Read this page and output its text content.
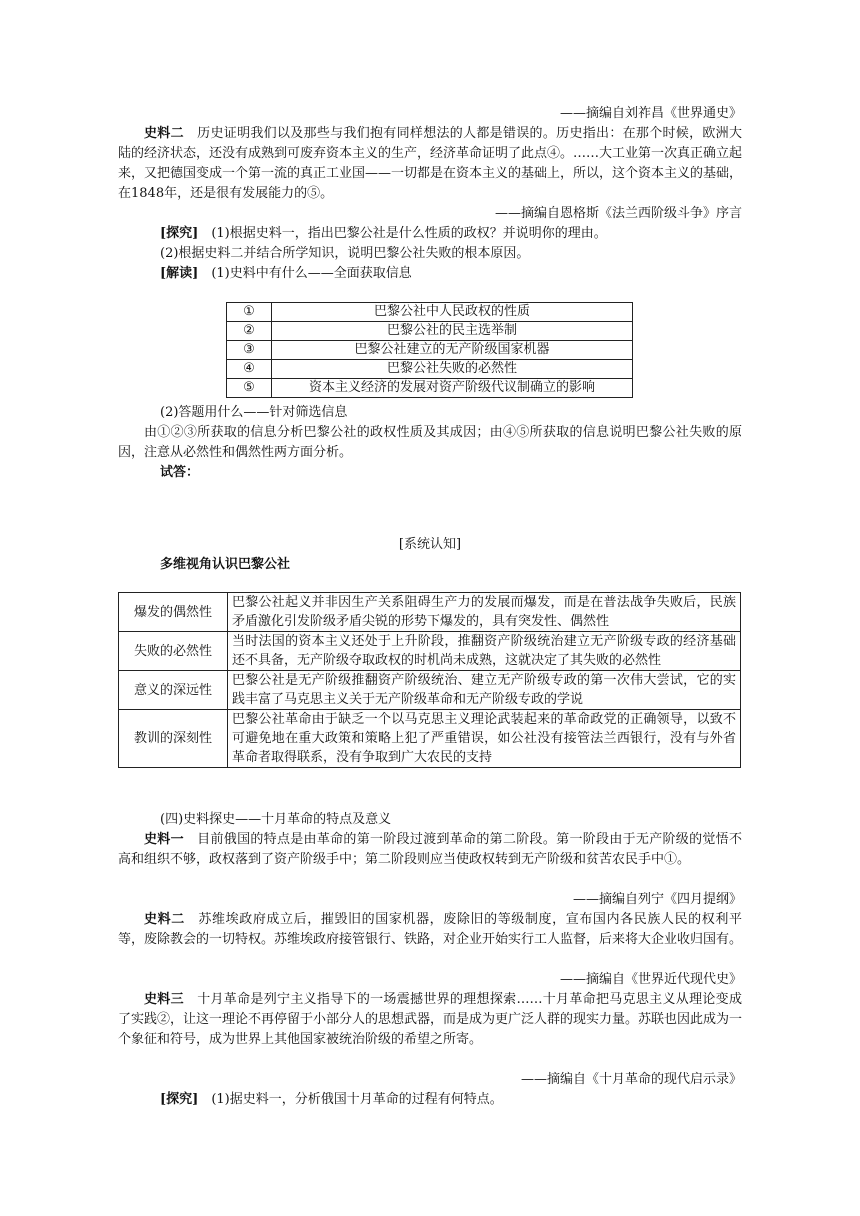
——摘编自刘祚昌《世界通史》

史料二　历史证明我们以及那些与我们抱有同样想法的人都是错误的。历史指出：在那个时候，欧洲大陆的经济状态，还没有成熟到可废弃资本主义的生产，经济革命证明了此点④。……大工业第一次真正确立起来，又把德国变成一个第一流的真正工业国——一切都是在资本主义的基础上，所以，这个资本主义的基础，在1848年，还是很有发展能力的⑤。

——摘编自恩格斯《法兰西阶级斗争》序言

[探究]　(1)根据史料一，指出巴黎公社是什么性质的政权？并说明你的理由。

(2)根据史料二并结合所学知识，说明巴黎公社失败的根本原因。

[解读]　(1)史料中有什么——全面获取信息

①	巴黎公社中人民政权的性质
②	巴黎公社的民主选举制
③	巴黎公社建立的无产阶级国家机器
④	巴黎公社失败的必然性
⑤	资本主义经济的发展对资产阶级代议制确立的影响

(2)答题用什么——针对筛选信息

由①②③所获取的信息分析巴黎公社的政权性质及其成因；由④⑤所获取的信息说明巴黎公社失败的原因，注意从必然性和偶然性两方面分析。

试答：

[系统认知]

多维视角认识巴黎公社

爆发的偶然性	巴黎公社起义并非因生产关系阻碍生产力的发展而爆发，而是在普法战争失败后，民族矛盾激化引发阶级矛盾尖锐的形势下爆发的，具有突发性、偶然性
失败的必然性	当时法国的资本主义还处于上升阶段，推翻资产阶级统治建立无产阶级专政的经济基础还不具备，无产阶级夺取政权的时机尚未成熟，这就决定了其失败的必然性
意义的深远性	巴黎公社是无产阶级推翻资产阶级统治、建立无产阶级专政的第一次伟大尝试，它的实践丰富了马克思主义关于无产阶级革命和无产阶级专政的学说
教训的深刻性	巴黎公社革命由于缺乏一个以马克思主义理论武装起来的革命政党的正确领导，以致不可避免地在重大政策和策略上犯了严重错误，如公社没有接管法兰西银行，没有与外省革命者取得联系，没有争取到广大农民的支持

(四)史料探史——十月革命的特点及意义

史料一　目前俄国的特点是由革命的第一阶段过渡到革命的第二阶段。第一阶段由于无产阶级的觉悟不高和组织不够，政权落到了资产阶级手中；第二阶段则应当使政权转到无产阶级和贫苦农民手中①。

——摘编自列宁《四月提纲》

史料二　苏维埃政府成立后，摧毁旧的国家机器，废除旧的等级制度，宣布国内各民族人民的权利平等，废除教会的一切特权。苏维埃政府接管银行、铁路，对企业开始实行工人监督，后来将大企业收归国有。

——摘编自《世界近代现代史》

史料三　十月革命是列宁主义指导下的一场震撼世界的理想探索……十月革命把马克思主义从理论变成了实践②，让这一理论不再停留于小部分人的思想武器，而是成为更广泛人群的现实力量。苏联也因此成为一个象征和符号，成为世界上其他国家被统治阶级的希望之所寄。

——摘编自《十月革命的现代启示录》

[探究]　(1)据史料一，分析俄国十月革命的过程有何特点。
